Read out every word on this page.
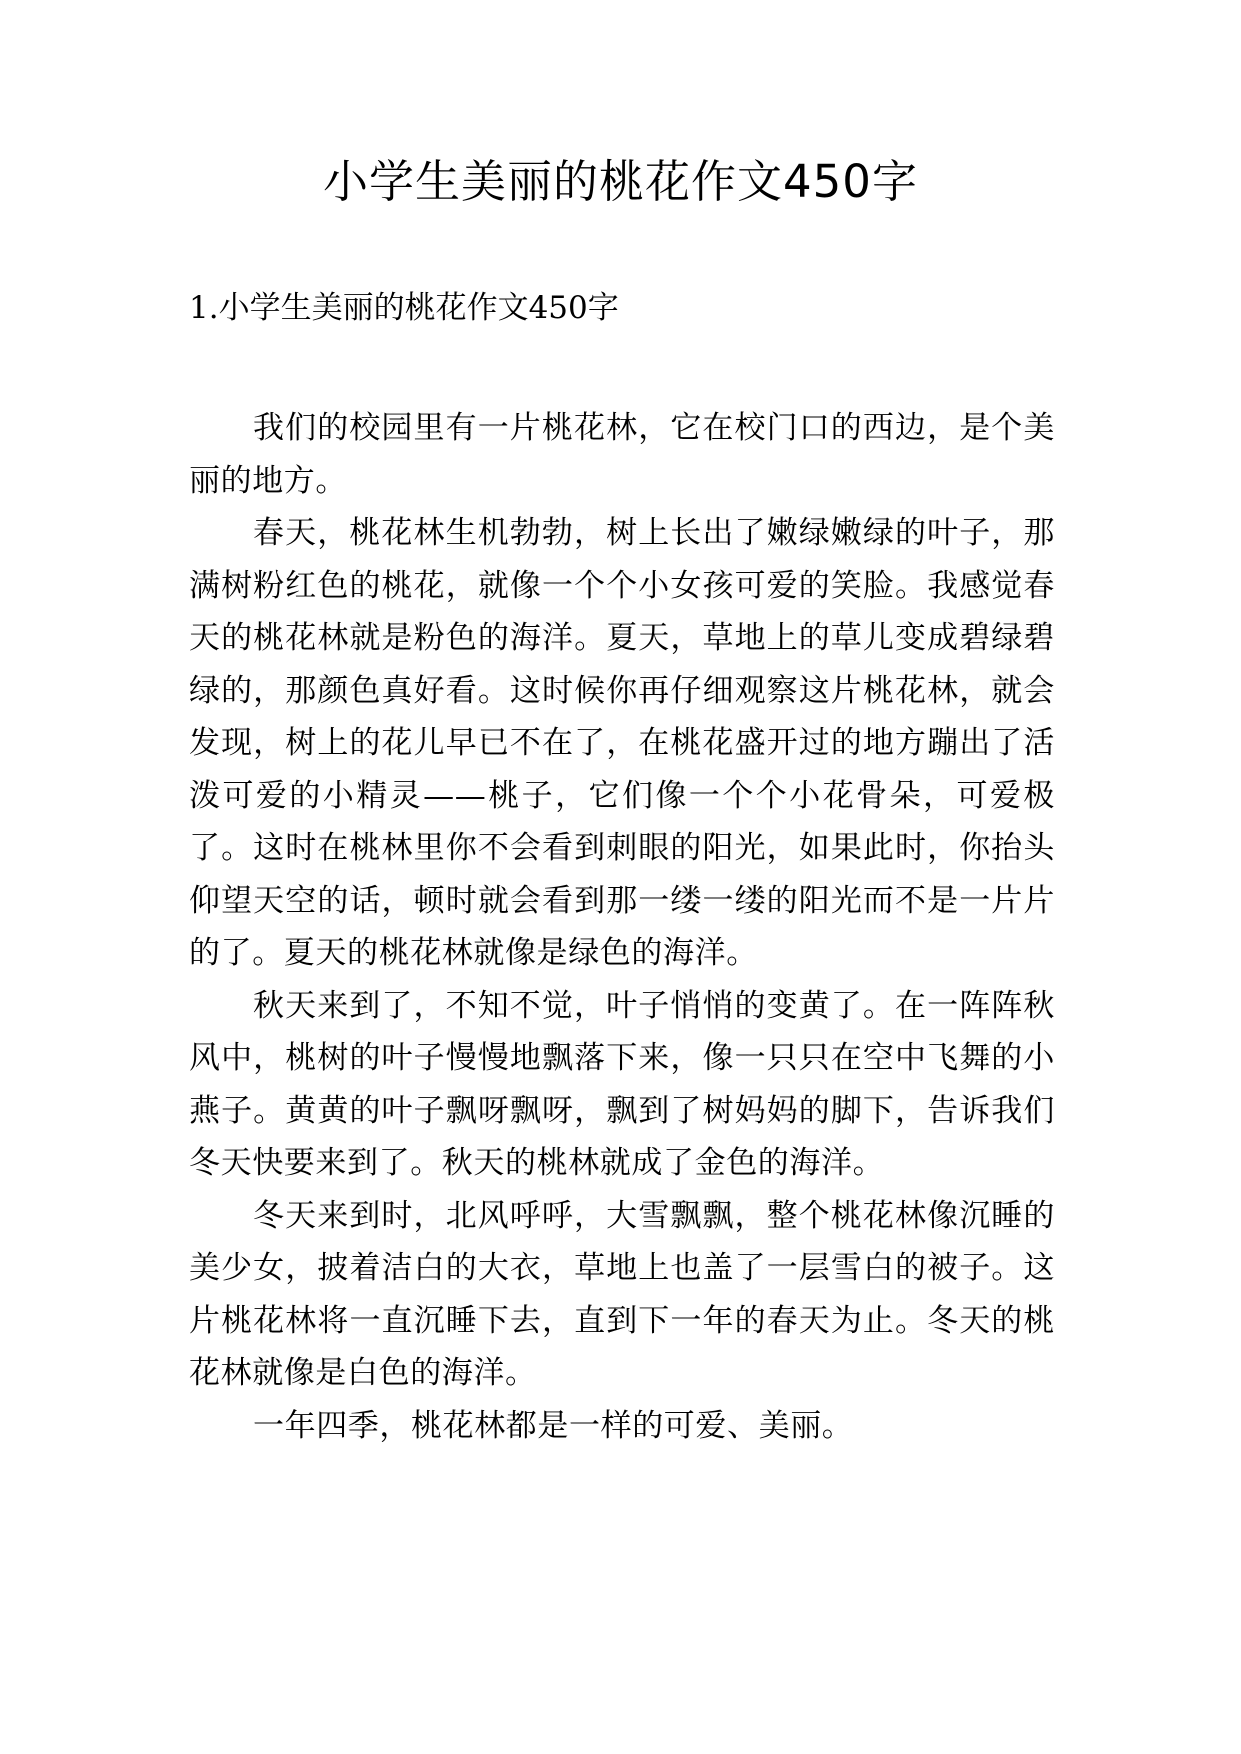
小学生美丽的桃花作文450字
1.小学生美丽的桃花作文450字

我们的校园里有一片桃花林，它在校门口的西边，是个美丽的地方。

春天，桃花林生机勃勃，树上长出了嫩绿嫩绿的叶子，那满树粉红色的桃花，就像一个个小女孩可爱的笑脸。我感觉春天的桃花林就是粉色的海洋。夏天，草地上的草儿变成碧绿碧绿的，那颜色真好看。这时候你再仔细观察这片桃花林，就会发现，树上的花儿早已不在了，在桃花盛开过的地方蹦出了活泼可爱的小精灵——桃子，它们像一个个小花骨朵，可爱极了。这时在桃林里你不会看到刺眼的阳光，如果此时，你抬头仰望天空的话，顿时就会看到那一缕一缕的阳光而不是一片片的了。夏天的桃花林就像是绿色的海洋。

秋天来到了，不知不觉，叶子悄悄的变黄了。在一阵阵秋风中，桃树的叶子慢慢地飘落下来，像一只只在空中飞舞的小燕子。黄黄的叶子飘呀飘呀，飘到了树妈妈的脚下，告诉我们冬天快要来到了。秋天的桃林就成了金色的海洋。

冬天来到时，北风呼呼，大雪飘飘，整个桃花林像沉睡的美少女，披着洁白的大衣，草地上也盖了一层雪白的被子。这片桃花林将一直沉睡下去，直到下一年的春天为止。冬天的桃花林就像是白色的海洋。

一年四季，桃花林都是一样的可爱、美丽。
